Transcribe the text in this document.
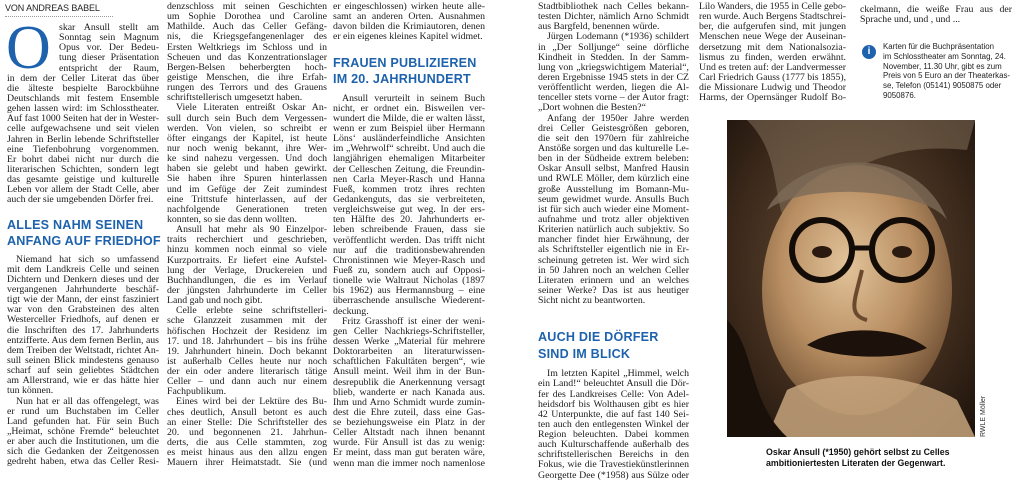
VON ANDREAS BABEL
O skar Ansull stellt am
Sonntag sein Magnum
Opus vor. Der Bedeu-
tung dieser Präsentation
entspricht der Raum,
in dem der Celler Literat das über
die älteste bespielte Barockbühne
Deutschlands mit festem Ensemble
gehen lassen wird: im Schlosstheater.
Auf fast 1000 Seiten hat der in Wester-
celle aufgewachsene und seit vielen
Jahren in Berlin lebende Schriftsteller
eine Tiefenbohrung vorgenommen.
Er bohrt dabei nicht nur durch die
literarischen Schichten, sondern legt
das gesamte geistige und kulturelle
Leben vor allem der Stadt Celle, aber
auch der sie umgebenden Dörfer frei.
ALLES NAHM SEINEN
ANFANG AUF FRIEDHOF
Niemand hat sich so umfassend
mit dem Landkreis Celle und seinen
Dichtern und Denkern dieses und der
vergangenen Jahrhunderte beschäf-
tigt wie der Mann, der einst fasziniert
war von den Grabsteinen des alten
Westerceller Friedhofs, auf denen er
die Inschriften des 17. Jahrhunderts
entzifferte. Aus dem fernen Berlin, aus
dem Treiben der Weltstadt, richtet An-
sull seinen Blick mindestens genauso
scharf auf sein geliebtes Städtchen
am Allerstrand, wie er das hätte hier
tun können.
Nun hat er all das offengelegt, was
er rund um Buchstaben im Celler
Land gefunden hat. Für sein Buch
„Heimat, schöne Fremde“ beleuchtet
er aber auch die Institutionen, um die
sich die Gedanken der Zeitgenossen
gedreht haben, etwa das Celler Resi-
denzschloss mit seinen Geschichten
um Sophie Dorothea und Caroline
Mathilde. Auch das Celler Gefäng-
nis, die Kriegsgefangenenlager des
Ersten Weltkriegs im Schloss und in
Scheuen und das Konzentrationslager
Bergen-Belsen beherbergten hoch-
geistige Menschen, die ihre Erfah-
rungen des Terrors und des Grauens
schriftstellerisch umgesetzt haben.
Viele Literaten entreißt Oskar An-
sull durch sein Buch dem Vergessen-
werden. Von vielen, so schreibt er
öfter eingangs der Kapitel, ist heute
nur noch wenig bekannt, ihre Wer-
ke sind nahezu vergessen. Und doch
haben sie gelebt und haben gewirkt.
Sie haben ihre Spuren hinterlassen
und im Gefüge der Zeit zumindest
eine Trittstufe hinterlassen, auf der
nachfolgende Generationen treten
konnten, so sie das denn wollten.
Ansull hat mehr als 90 Einzelpor-
traits recherchiert und geschrieben,
hinzu kommen noch einmal so viele
Kurzportraits. Er liefert eine Aufstel-
lung der Verlage, Druckereien und
Buchhandlungen, die es im Verlauf
der jüngsten Jahrhunderte im Celler
Land gab und noch gibt.
Celle erlebte seine schriftstelleri-
sche Glanzzeit zusammen mit der
höfischen Hochzeit der Residenz im
17. und 18. Jahrhundert – bis ins frühe
19. Jahrhundert hinein. Doch bekannt
ist außerhalb Celles heute nur noch
der ein oder andere literarisch tätige
Celler – und dann auch nur einem
Fachpublikum.
Eines wird bei der Lektüre des Bu-
ches deutlich, Ansull betont es auch
an einer Stelle: Die Schriftsteller des
20. und begonnenen 21. Jahrhun-
derts, die aus Celle stammten, zog
es meist hinaus aus den allzu engen
Mauern ihrer Heimatstadt. Sie (und
er eingeschlossen) wirken heute alle-
samt an anderen Orten. Ausnahmen
davon bilden die Krimiautoren, denen
er ein eigenes kleines Kapitel widmet.
FRAUEN PUBLIZIEREN
IM 20. JAHRHUNDERT
Ansull verurteilt in seinem Buch
nicht, er ordnet ein. Bisweilen ver-
wundert die Milde, die er walten lässt,
wenn er zum Beispiel über Hermann
Löns‘ ausländerfeindliche Ansichten
im „Wehrwolf“ schreibt. Und auch die
langjährigen ehemaligen Mitarbeiter
der Celleschen Zeitung, die Freundin-
nen Carla Meyer-Rasch und Hanna
Fueß, kommen trotz ihres rechten
Gedankenguts, das sie verbreiteten,
vergleichsweise gut weg. In der ers-
ten Hälfte des 20. Jahrhunderts er-
leben schreibende Frauen, dass sie
veröffentlicht werden. Das trifft nicht
nur auf die traditionsbewahrenden
Chronistinnen wie Meyer-Rasch und
Fueß zu, sondern auch auf Opposi-
tionelle wie Waltraut Nicholas (1897
bis 1962) aus Hermannsburg – eine
überraschende ansullsche Wiederent-
deckung.
Fritz Grasshoff ist einer der weni-
gen Celler Nachkriegs-Schriftsteller,
dessen Werke „Material für mehrere
Doktorarbeiten an literaturwissen-
schaftlichen Fakultäten bergen“, wie
Ansull meint. Weil ihm in der Bun-
desrepublik die Anerkennung versagt
blieb, wanderte er nach Kanada aus.
Ihm und Arno Schmidt wurde zumin-
dest die Ehre zuteil, dass eine Gas-
se beziehungsweise ein Platz in der
Celler Altstadt nach ihnen benannt
wurde. Für Ansull ist das zu wenig:
Er meint, dass man gut beraten wäre,
wenn man die immer noch namenlose
Stadtbibliothek nach Celles bekann-
testen Dichter, nämlich Arno Schmidt
aus Bargfeld, benennen würde.
Jürgen Lodemann (*1936) schildert
in „Der Solljunge“ seine dörfliche
Kindheit in Stedden. In der Samm-
lung von „kriegswichtigem Material“,
deren Ergebnisse 1945 stets in der CZ
veröffentlicht werden, liegen die Al-
tenceller stets vorne – der Autor fragt:
„Dort wohnen die Besten?“
Anfang der 1950er Jahre werden
drei Celler Geistesgrößen geboren,
die seit den 1970ern für zahlreiche
Anstöße sorgen und das kulturelle Le-
ben in der Südheide extrem beleben:
Oskar Ansull selbst, Manfred Hausin
und RWLE Möller, dem kürzlich eine
große Ausstellung im Bomann-Mu-
seum gewidmet wurde. Ansulls Buch
ist für sich auch wieder eine Moment-
aufnahme und trotz aller objektiven
Kriterien natürlich auch subjektiv. So
mancher findet hier Erwähnung, der
als Schriftsteller eigentlich nie in Er-
scheinung getreten ist. Wer wird sich
in 50 Jahren noch an welchen Celler
Literaten erinnern und an welches
seiner Werke? Das ist aus heutiger
Sicht nicht zu beantworten.
AUCH DIE DÖRFER
SIND IM BLICK
Im letzten Kapitel „Himmel, welch
ein Land!“ beleuchtet Ansull die Dör-
fer des Landkreises Celle: Von Adel-
heidsdorf bis Wolthausen gibt es hier
42 Unterpunkte, die auf fast 140 Sei-
ten auch den entlegensten Winkel der
Region beleuchten. Dabei kommen
auch Kulturschaffende außerhalb des
schriftstellerischen Bereichs in den
Fokus, wie die Travestiekünstlerinnen
Georgette Dee (*1958) aus Sülze oder
Lilo Wanders, die 1955 in Celle gebo-
ren wurde. Auch Bergens Stadtschrei-
ber, die aufgerufen sind, mit jungen
Menschen neue Wege der Auseinan-
dersetzung mit dem Nationalsozia-
lismus zu finden, werden erwähnt.
Und es treten auf: der Landvermesser
Carl Friedrich Gauss (1777 bis 1855),
die Missionare Ludwig und Theodor
Harms, der Opernsänger Rudolf Bo-
ckelmann, die weiße Frau aus der
Sprache und, und , und ...
i	Karten für die Buchpräsentation
im Schlosstheater am Sonntag, 24.
November, 11.30 Uhr, gibt es zum
Preis von 5 Euro an der Theaterkas-
se, Telefon (05141) 9050875 oder
9050876.
RWLE Möller
Oskar Ansull (*1950) gehört selbst zu Celles
ambitioniertesten Literaten der Gegenwart.
